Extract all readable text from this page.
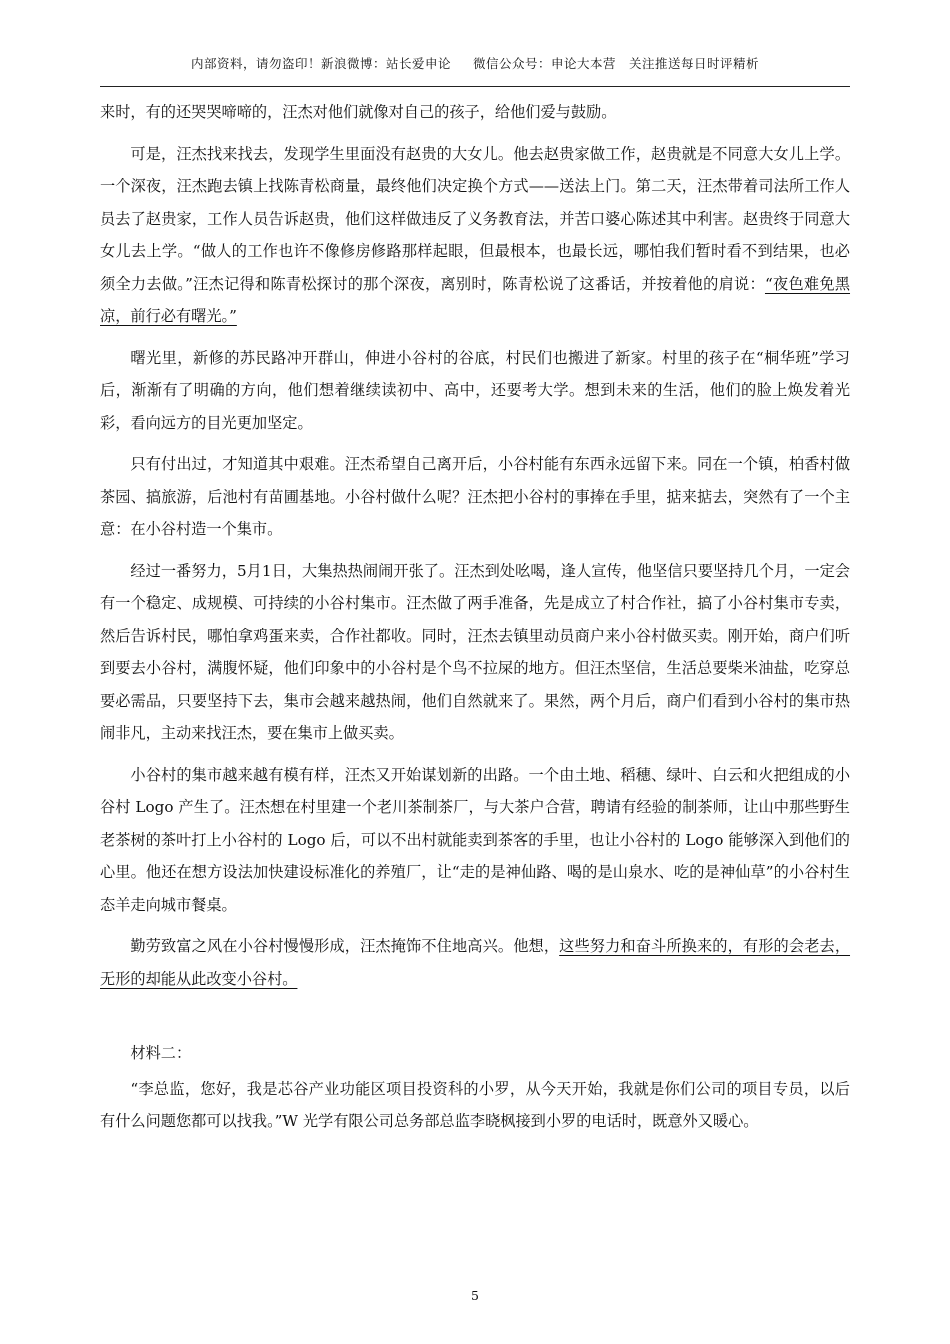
内部资料，请勿盗印！新浪微博：站长爱申论 　 微信公众号：申论大本营　关注推送每日时评精析

来时，有的还哭哭啼啼的，汪杰对他们就像对自己的孩子，给他们爱与鼓励。

可是，汪杰找来找去，发现学生里面没有赵贵的大女儿。他去赵贵家做工作，赵贵就是不同意大女儿上学。一个深夜，汪杰跑去镇上找陈青松商量，最终他们决定换个方式——送法上门。第二天，汪杰带着司法所工作人员去了赵贵家，工作人员告诉赵贵，他们这样做违反了义务教育法，并苦口婆心陈述其中利害。赵贵终于同意大女儿去上学。“做人的工作也许不像修房修路那样起眼，但最根本，也最长远，哪怕我们暂时看不到结果，也必须全力去做。”汪杰记得和陈青松探讨的那个深夜，离别时，陈青松说了这番话，并按着他的肩说：“夜色难免黑凉，前行必有曙光。”

曙光里，新修的苏民路冲开群山，伸进小谷村的谷底，村民们也搬进了新家。村里的孩子在“桐华班”学习后，渐渐有了明确的方向，他们想着继续读初中、高中，还要考大学。想到未来的生活，他们的脸上焕发着光彩，看向远方的目光更加坚定。

只有付出过，才知道其中艰难。汪杰希望自己离开后，小谷村能有东西永远留下来。同在一个镇，柏香村做茶园、搞旅游，后池村有苗圃基地。小谷村做什么呢？汪杰把小谷村的事捧在手里，掂来掂去，突然有了一个主意：在小谷村造一个集市。

经过一番努力，5月1日，大集热热闹闹开张了。汪杰到处吆喝，逢人宣传，他坚信只要坚持几个月，一定会有一个稳定、成规模、可持续的小谷村集市。汪杰做了两手准备，先是成立了村合作社，搞了小谷村集市专卖，然后告诉村民，哪怕拿鸡蛋来卖，合作社都收。同时，汪杰去镇里动员商户来小谷村做买卖。刚开始，商户们听到要去小谷村，满腹怀疑，他们印象中的小谷村是个鸟不拉屎的地方。但汪杰坚信，生活总要柴米油盐，吃穿总要必需品，只要坚持下去，集市会越来越热闹，他们自然就来了。果然，两个月后，商户们看到小谷村的集市热闹非凡，主动来找汪杰，要在集市上做买卖。

小谷村的集市越来越有模有样，汪杰又开始谋划新的出路。一个由土地、稻穗、绿叶、白云和火把组成的小谷村 Logo 产生了。汪杰想在村里建一个老川茶制茶厂，与大茶户合营，聘请有经验的制茶师，让山中那些野生老茶树的茶叶打上小谷村的 Logo 后，可以不出村就能卖到茶客的手里，也让小谷村的 Logo 能够深入到他们的心里。他还在想方设法加快建设标准化的养殖厂，让“走的是神仙路、喝的是山泉水、吃的是神仙草”的小谷村生态羊走向城市餐桌。

勤劳致富之风在小谷村慢慢形成，汪杰掩饰不住地高兴。他想，这些努力和奋斗所换来的，有形的会老去，无形的却能从此改变小谷村。

材料二：

“李总监，您好，我是芯谷产业功能区项目投资科的小罗，从今天开始，我就是你们公司的项目专员，以后有什么问题您都可以找我。”W 光学有限公司总务部总监李晓枫接到小罗的电话时，既意外又暖心。

5
